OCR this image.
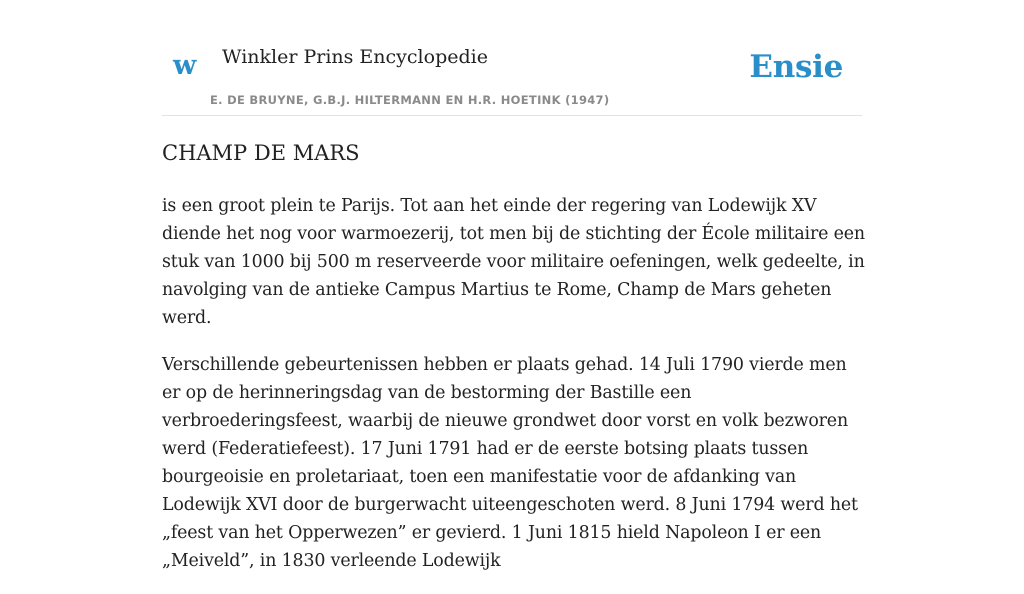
w Winkler Prins Encyclopedie
E. DE BRUYNE, G.B.J. HILTERMANN EN H.R. HOETINK (1947)
Ensie
CHAMP DE MARS

is een groot plein te Parijs. Tot aan het einde der regering van Lodewijk XV diende het nog voor warmoezerij, tot men bij de stichting der École militaire een stuk van 1000 bij 500 m reserveerde voor militaire oefeningen, welk gedeelte, in navolging van de antieke Campus Martius te Rome, Champ de Mars geheten werd.

Verschillende gebeurtenissen hebben er plaats gehad. 14 Juli 1790 vierde men er op de herinneringsdag van de bestorming der Bastille een verbroederingsfeest, waarbij de nieuwe grondwet door vorst en volk bezworen werd (Federatiefeest). 17 Juni 1791 had er de eerste botsing plaats tussen bourgeoisie en proletariaat, toen een manifestatie voor de afdanking van Lodewijk XVI door de burgerwacht uiteengeschoten werd. 8 Juni 1794 werd het „feest van het Opperwezen” er gevierd. 1 Juni 1815 hield Napoleon I er een „Meiveld”, in 1830 verleende Lodewijk
